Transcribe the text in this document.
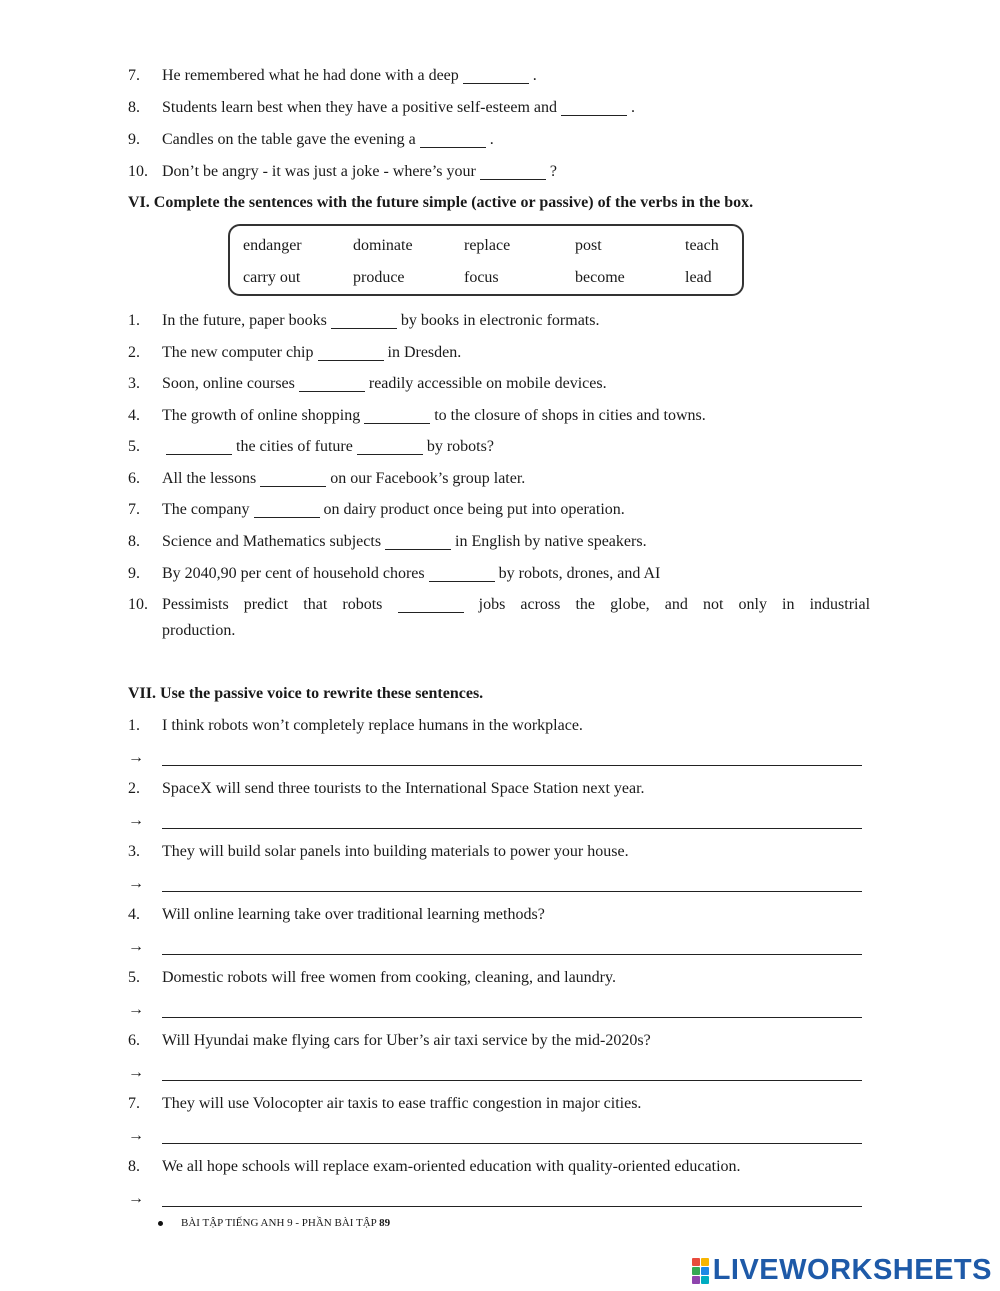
7.	He remembered what he had done with a deep	.
8.	Students learn best when they have a positive self-esteem and	.
9.	Candles on the table gave the evening a	.
10. Don’t be angry - it was just a joke - where’s your	?
VI. Complete the sentences with the future simple (active or passive) of the verbs in the box.
endanger	dominate	replace	post	teach
carry out	produce	focus	become	lead
1.	In the future, paper books	by books in electronic formats.
2.	The new computer chip	in Dresden.
3.	Soon, online courses	readily accessible on mobile devices.
4.	The growth of online shopping	to the closure of shops in cities and towns.
5.	the cities of future	by robots?
6.	All the lessons	on our Facebook’s group later.
7.	The company	on dairy product once being put into operation.
8.	Science and Mathematics subjects	in English by native speakers.
9.	By 2040,90 per cent of household chores	by robots, drones, and AI
10. Pessimists predict that robots	jobs across the globe, and not only in industrial
production.
VII. Use the passive voice to rewrite these sentences.
1.	I think robots won’t completely replace humans in the workplace.
→
2.	SpaceX will send three tourists to the International Space Station next year.
→
3.	They will build solar panels into building materials to power your house.
→
4.	Will online learning take over traditional learning methods?
→
5.	Domestic robots will free women from cooking, cleaning, and laundry.
→
6.	Will Hyundai make flying cars for Uber’s air taxi service by the mid-2020s?
→
7.	They will use Volocopter air taxis to ease traffic congestion in major cities.
→
8.	We all hope schools will replace exam-oriented education with quality-oriented education.
→
BÀI TẬP TIẾNG ANH 9 - PHẦN BÀI TẬP 89
LIVEWORKSHEETS
